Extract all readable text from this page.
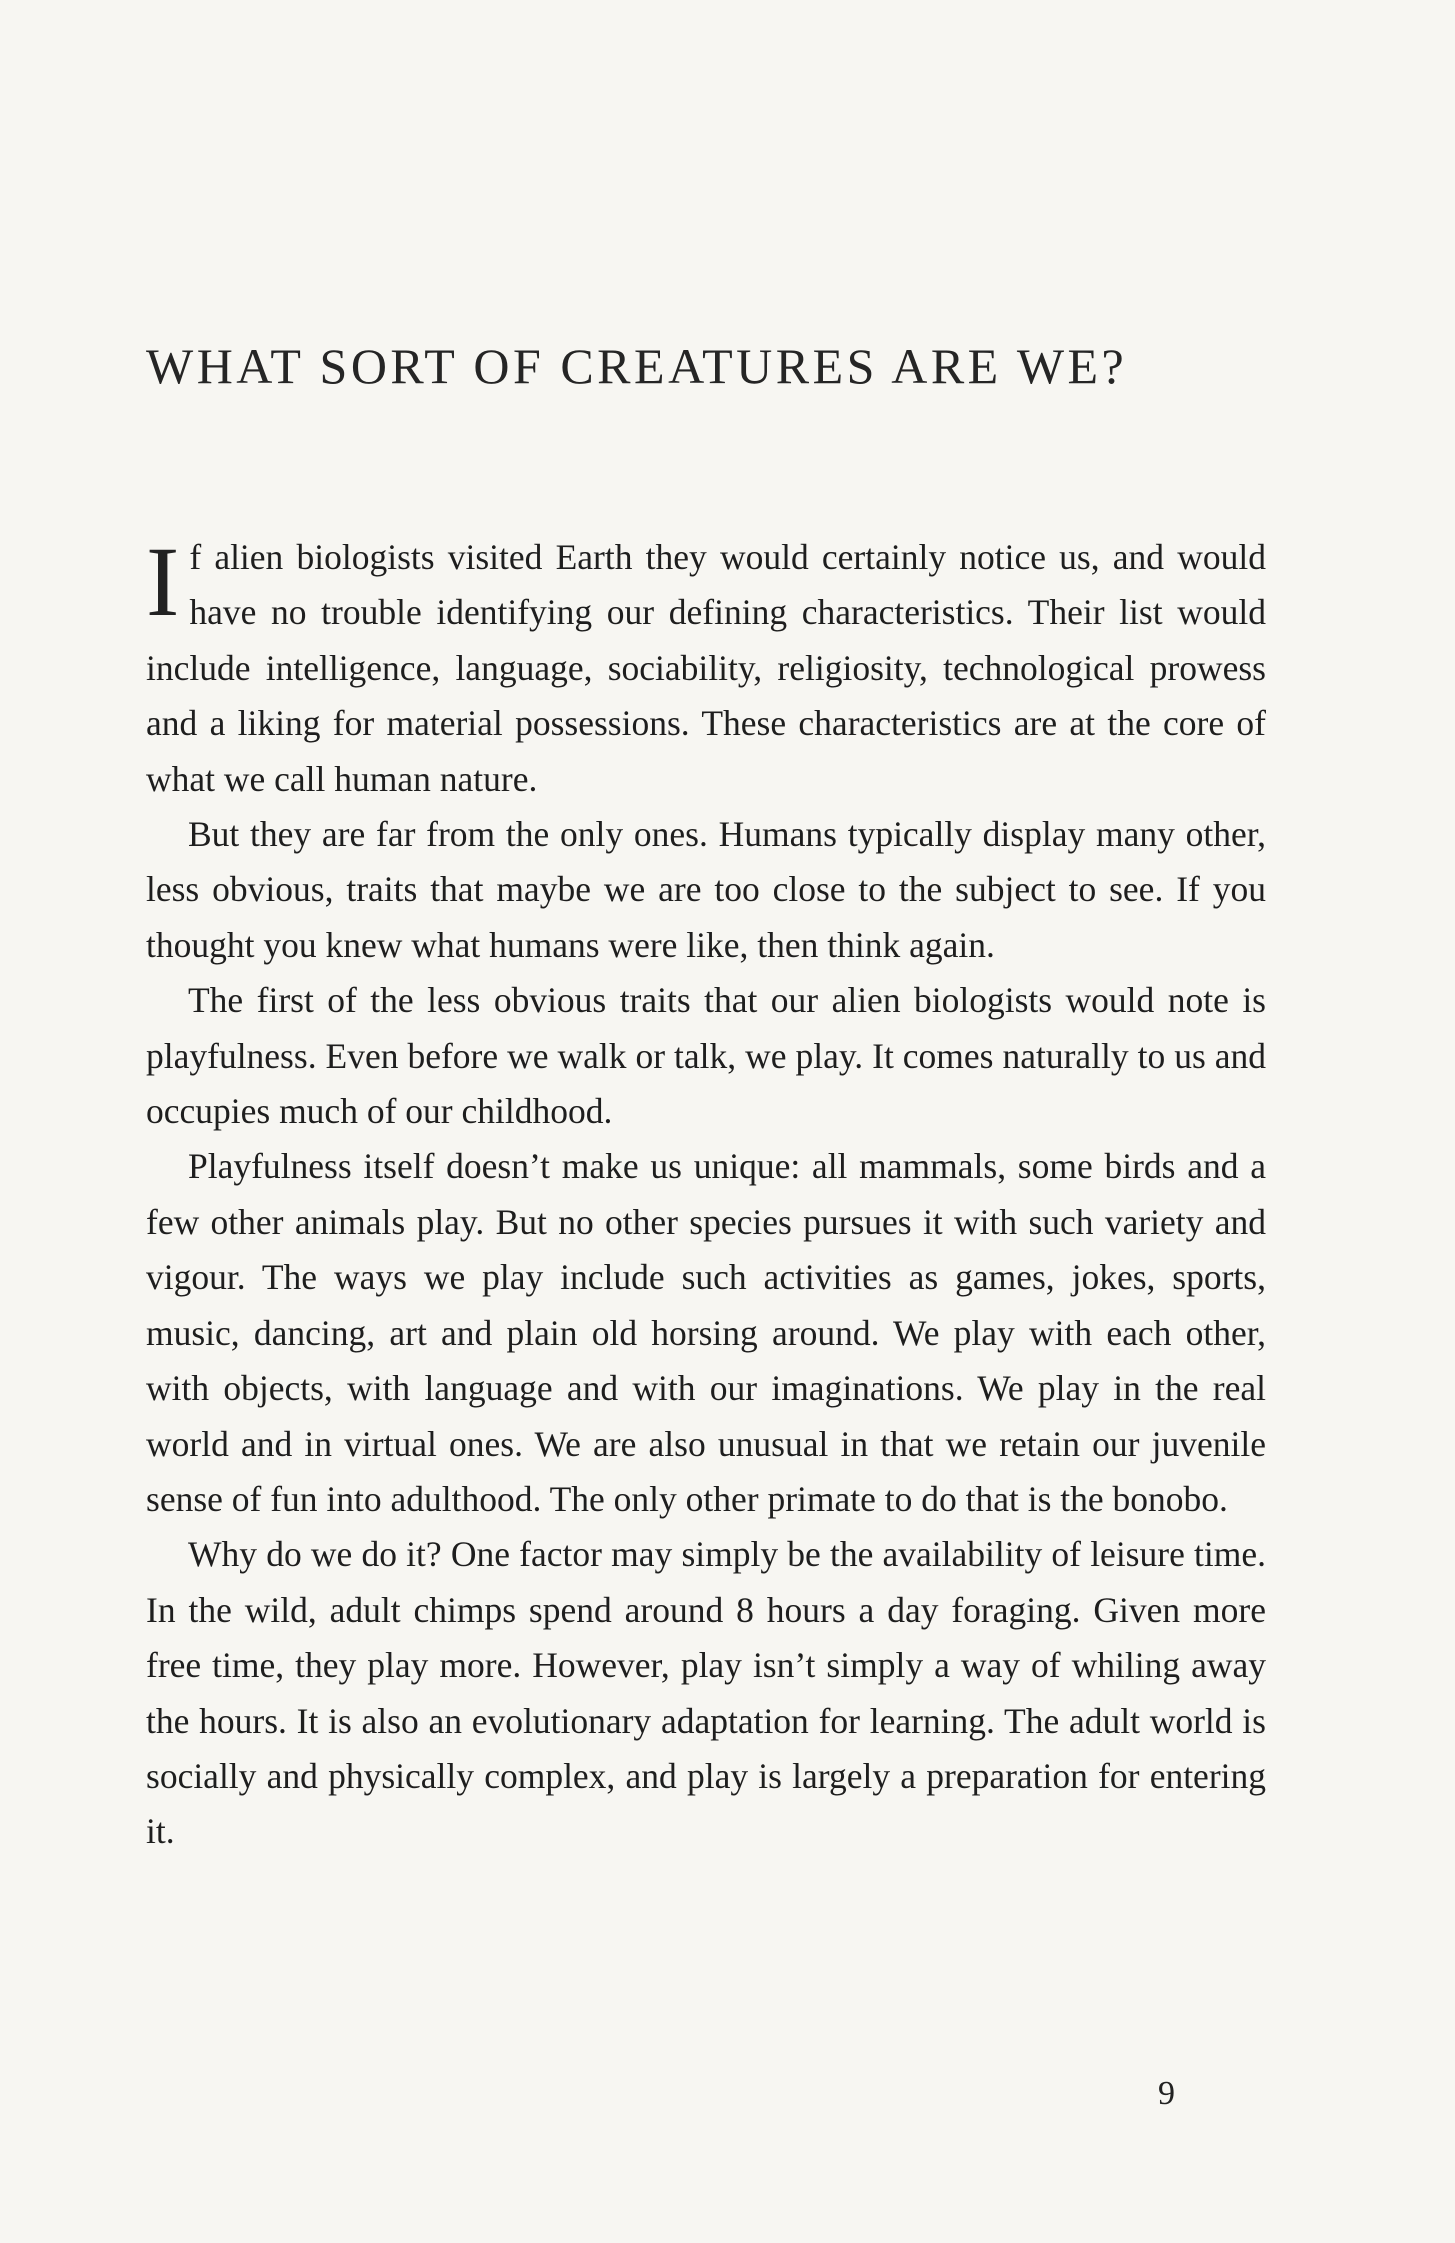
WHAT SORT OF CREATURES ARE WE?

If alien biologists visited Earth they would certainly notice us, and would have no trouble identifying our defining characteristics. Their list would include intelligence, language, sociability, religiosity, technological prowess and a liking for material possessions. These characteristics are at the core of what we call human nature.

But they are far from the only ones. Humans typically display many other, less obvious, traits that maybe we are too close to the subject to see. If you thought you knew what humans were like, then think again.

The first of the less obvious traits that our alien biologists would note is playfulness. Even before we walk or talk, we play. It comes naturally to us and occupies much of our childhood.

Playfulness itself doesn’t make us unique: all mammals, some birds and a few other animals play. But no other species pursues it with such variety and vigour. The ways we play include such activities as games, jokes, sports, music, dancing, art and plain old horsing around. We play with each other, with objects, with language and with our imaginations. We play in the real world and in virtual ones. We are also unusual in that we retain our juvenile sense of fun into adulthood. The only other primate to do that is the bonobo.

Why do we do it? One factor may simply be the availability of leisure time. In the wild, adult chimps spend around 8 hours a day foraging. Given more free time, they play more. However, play isn’t simply a way of whiling away the hours. It is also an evolutionary adaptation for learning. The adult world is socially and physically complex, and play is largely a preparation for entering it.

9
